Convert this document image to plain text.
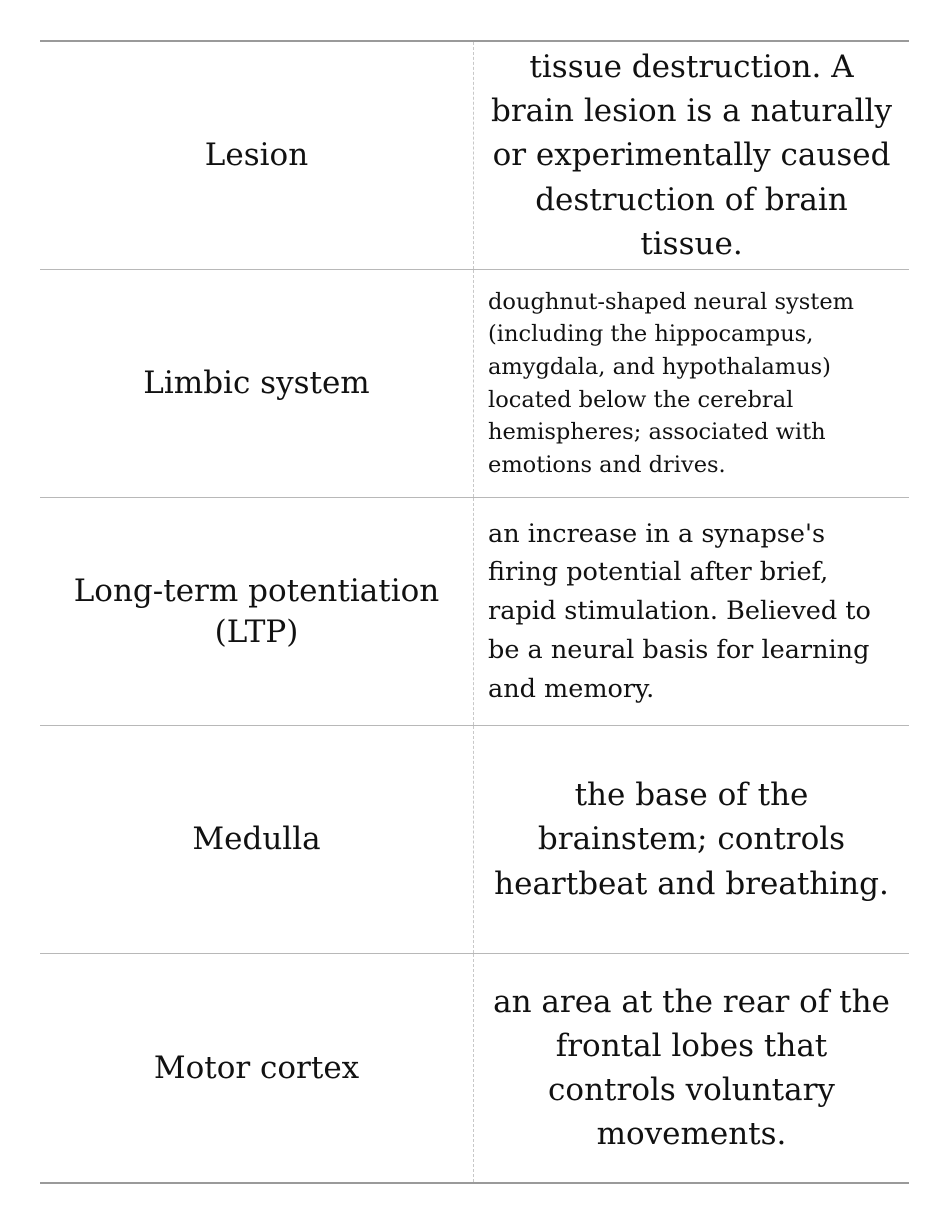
Lesion
tissue destruction. A brain lesion is a naturally or experimentally caused destruction of brain tissue.
Limbic system
doughnut-shaped neural system (including the hippocampus, amygdala, and hypothalamus) located below the cerebral hemispheres; associated with emotions and drives.
Long-term potentiation (LTP)
an increase in a synapse's firing potential after brief, rapid stimulation. Believed to be a neural basis for learning and memory.
Medulla
the base of the brainstem; controls heartbeat and breathing.
Motor cortex
an area at the rear of the frontal lobes that controls voluntary movements.
